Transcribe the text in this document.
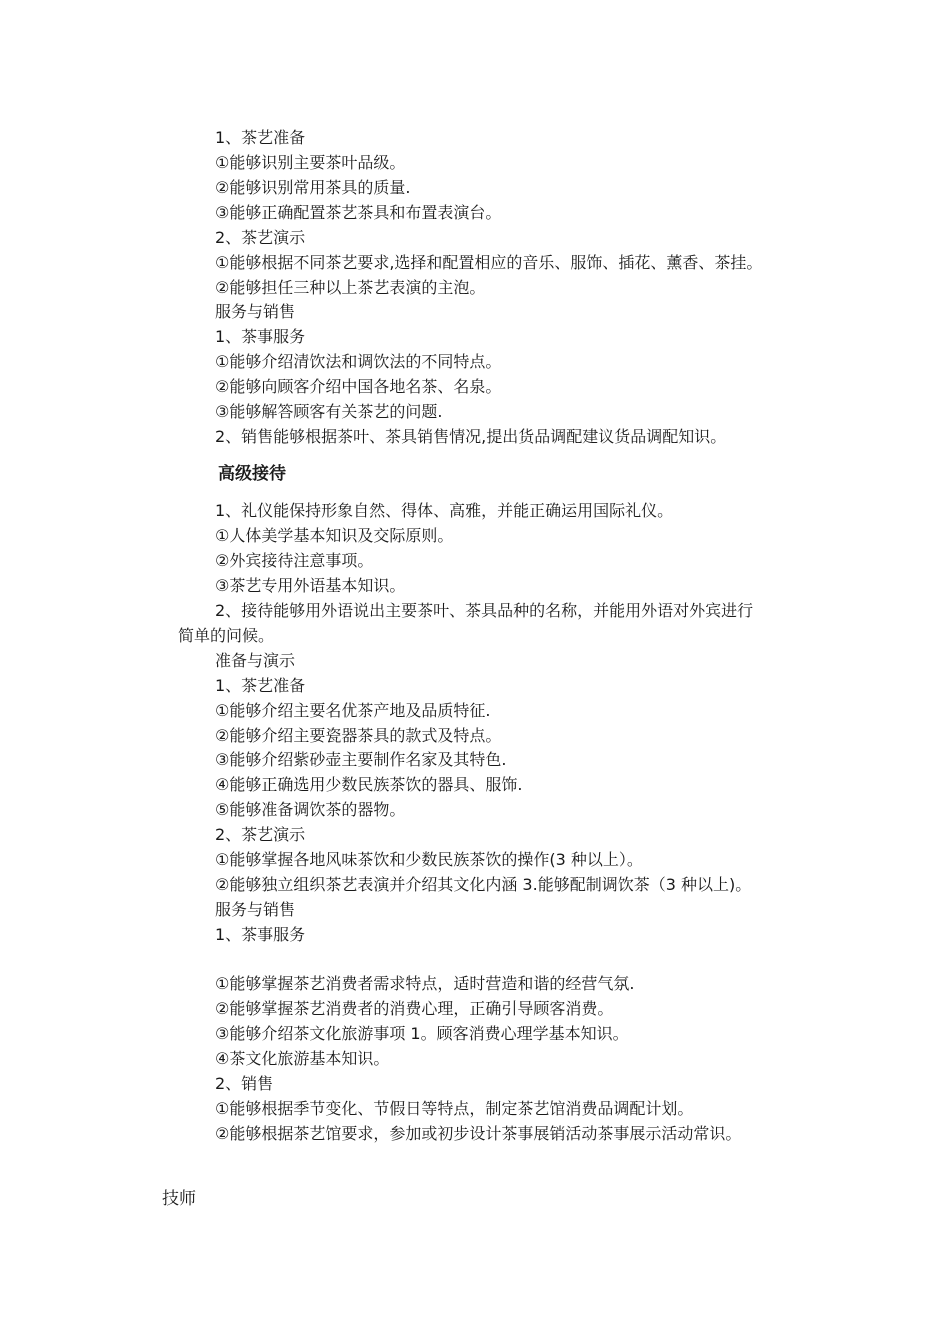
1、茶艺准备
①能够识别主要茶叶品级。
②能够识别常用茶具的质量.
③能够正确配置茶艺茶具和布置表演台。
2、茶艺演示
①能够根据不同茶艺要求,选择和配置相应的音乐、服饰、插花、薰香、茶挂。
②能够担任三种以上茶艺表演的主泡。
服务与销售
1、茶事服务
①能够介绍清饮法和调饮法的不同特点。
②能够向顾客介绍中国各地名茶、名泉。
③能够解答顾客有关茶艺的问题.
2、销售能够根据茶叶、茶具销售情况,提出货品调配建议货品调配知识。
高级接待
1、礼仪能保持形象自然、得体、高雅，并能正确运用国际礼仪。
①人体美学基本知识及交际原则。
②外宾接待注意事项。
③茶艺专用外语基本知识。
2、接待能够用外语说出主要茶叶、茶具品种的名称，并能用外语对外宾进行
简单的问候。
准备与演示
1、茶艺准备
①能够介绍主要名优茶产地及品质特征.
②能够介绍主要瓷器茶具的款式及特点。
③能够介绍紫砂壶主要制作名家及其特色.
④能够正确选用少数民族茶饮的器具、服饰.
⑤能够准备调饮茶的器物。
2、茶艺演示
①能够掌握各地风味茶饮和少数民族茶饮的操作(3 种以上）。
②能够独立组织茶艺表演并介绍其文化内涵 3.能够配制调饮茶（3 种以上)。
服务与销售
1、茶事服务
①能够掌握茶艺消费者需求特点，适时营造和谐的经营气氛.
②能够掌握茶艺消费者的消费心理，正确引导顾客消费。
③能够介绍茶文化旅游事项 1。顾客消费心理学基本知识。
④茶文化旅游基本知识。
2、销售
①能够根据季节变化、节假日等特点，制定茶艺馆消费品调配计划。
②能够根据茶艺馆要求，参加或初步设计茶事展销活动茶事展示活动常识。
技师
